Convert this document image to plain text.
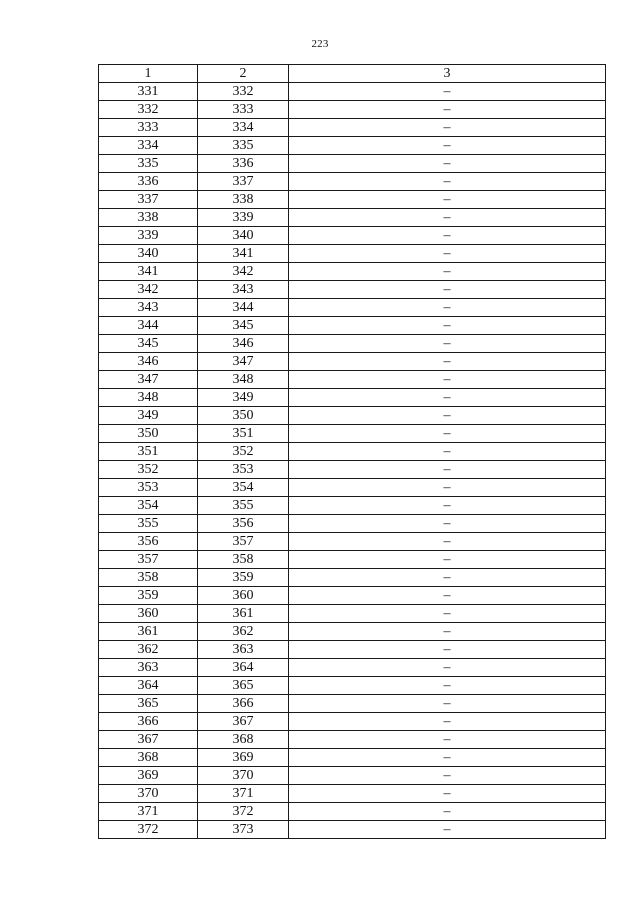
223
1	2	3
331	332	–
332	333	–
333	334	–
334	335	–
335	336	–
336	337	–
337	338	–
338	339	–
339	340	–
340	341	–
341	342	–
342	343	–
343	344	–
344	345	–
345	346	–
346	347	–
347	348	–
348	349	–
349	350	–
350	351	–
351	352	–
352	353	–
353	354	–
354	355	–
355	356	–
356	357	–
357	358	–
358	359	–
359	360	–
360	361	–
361	362	–
362	363	–
363	364	–
364	365	–
365	366	–
366	367	–
367	368	–
368	369	–
369	370	–
370	371	–
371	372	–
372	373	–
